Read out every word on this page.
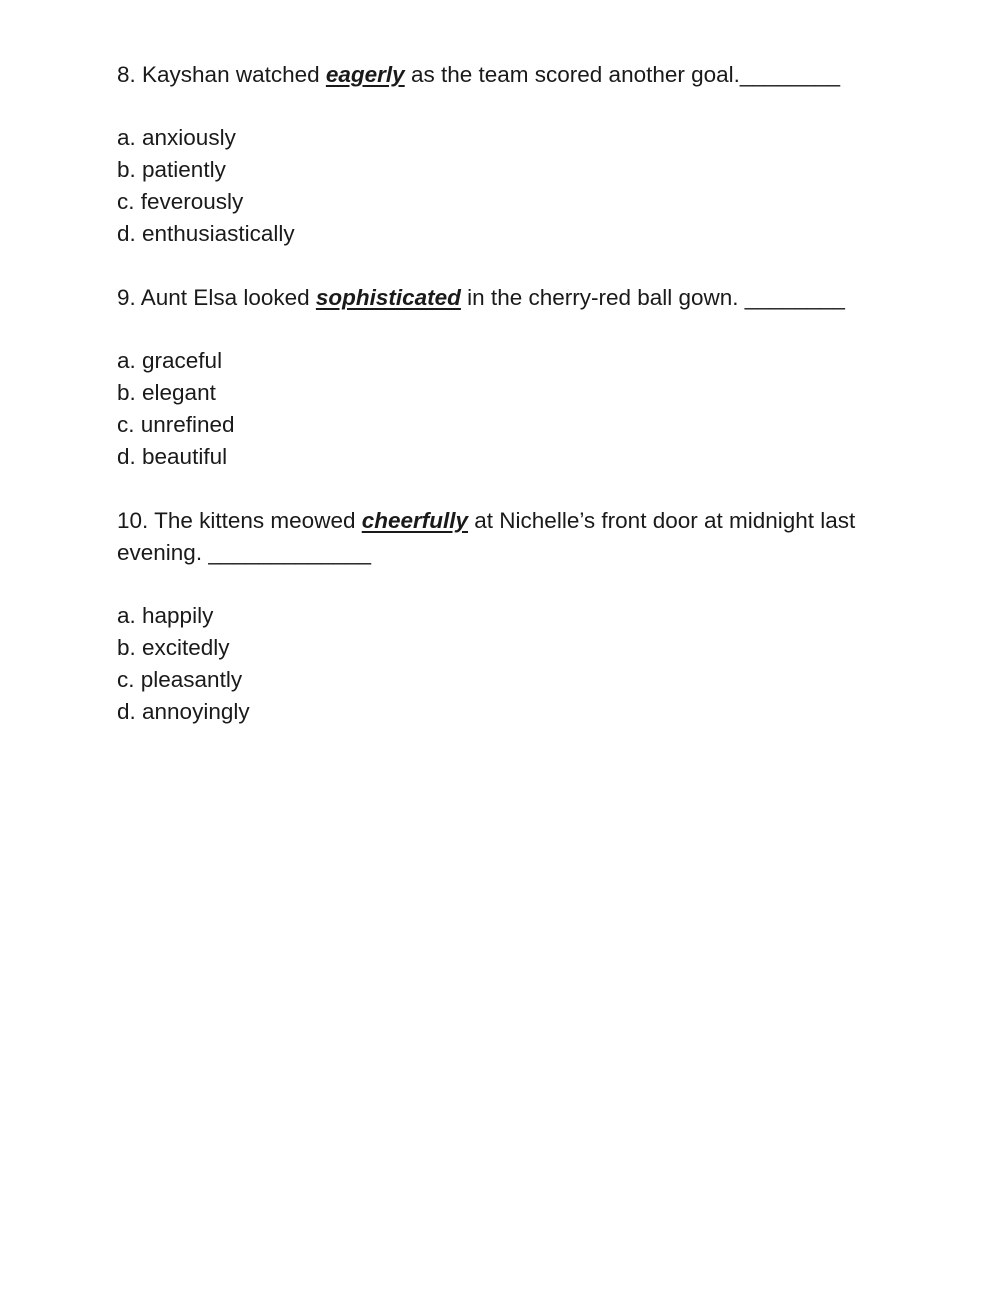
8. Kayshan watched eagerly as the team scored another goal.________

a. anxiously
b. patiently
c. feverously
d. enthusiastically

9. Aunt Elsa looked sophisticated in the cherry-red ball gown. ________

a. graceful
b. elegant
c. unrefined
d. beautiful

10. The kittens meowed cheerfully at Nichelle’s front door at midnight last evening. _____________

a. happily
b. excitedly
c. pleasantly
d. annoyingly
